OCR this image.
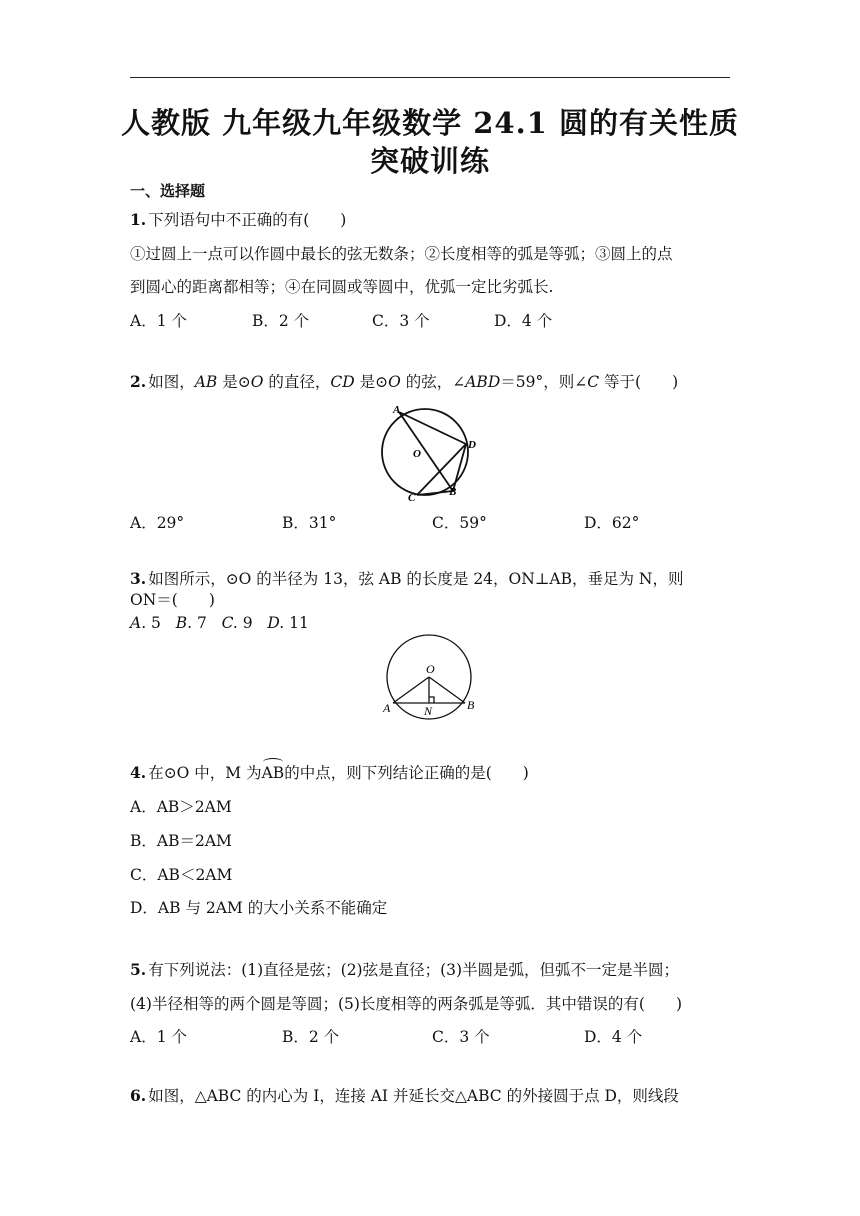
人教版 九年级九年级数学 24.1 圆的有关性质
突破训练
一、选择题
1. 下列语句中不正确的有(　　)
①过圆上一点可以作圆中最长的弦无数条；②长度相等的弧是等弧；③圆上的点
到圆心的距离都相等；④在同圆或等圆中，优弧一定比劣弧长.
A．1 个	B．2 个	C．3 个	D．4 个
2. 如图，AB 是⊙O 的直径，CD 是⊙O 的弦，∠ABD＝59°，则∠C 等于(　　)
A
D
O
B
C
A．29°	B．31°	C．59°	D．62°
3. 如图所示，⊙O 的半径为 13，弦 AB 的长度是 24，ON⊥AB，垂足为 N，则
ON＝(　　)
A. 5 B. 7 C. 9 D. 11
O
A	N	B
4. 在⊙O 中，M 为AB的中点，则下列结论正确的是(　　)
A．AB＞2AM
B．AB＝2AM
C．AB＜2AM
D．AB 与 2AM 的大小关系不能确定
5. 有下列说法：(1)直径是弦；(2)弦是直径；(3)半圆是弧，但弧不一定是半圆；
(4)半径相等的两个圆是等圆；(5)长度相等的两条弧是等弧．其中错误的有(　　)
A．1 个	B．2 个	C．3 个	D．4 个
6. 如图，△ABC 的内心为 I，连接 AI 并延长交△ABC 的外接圆于点 D，则线段
